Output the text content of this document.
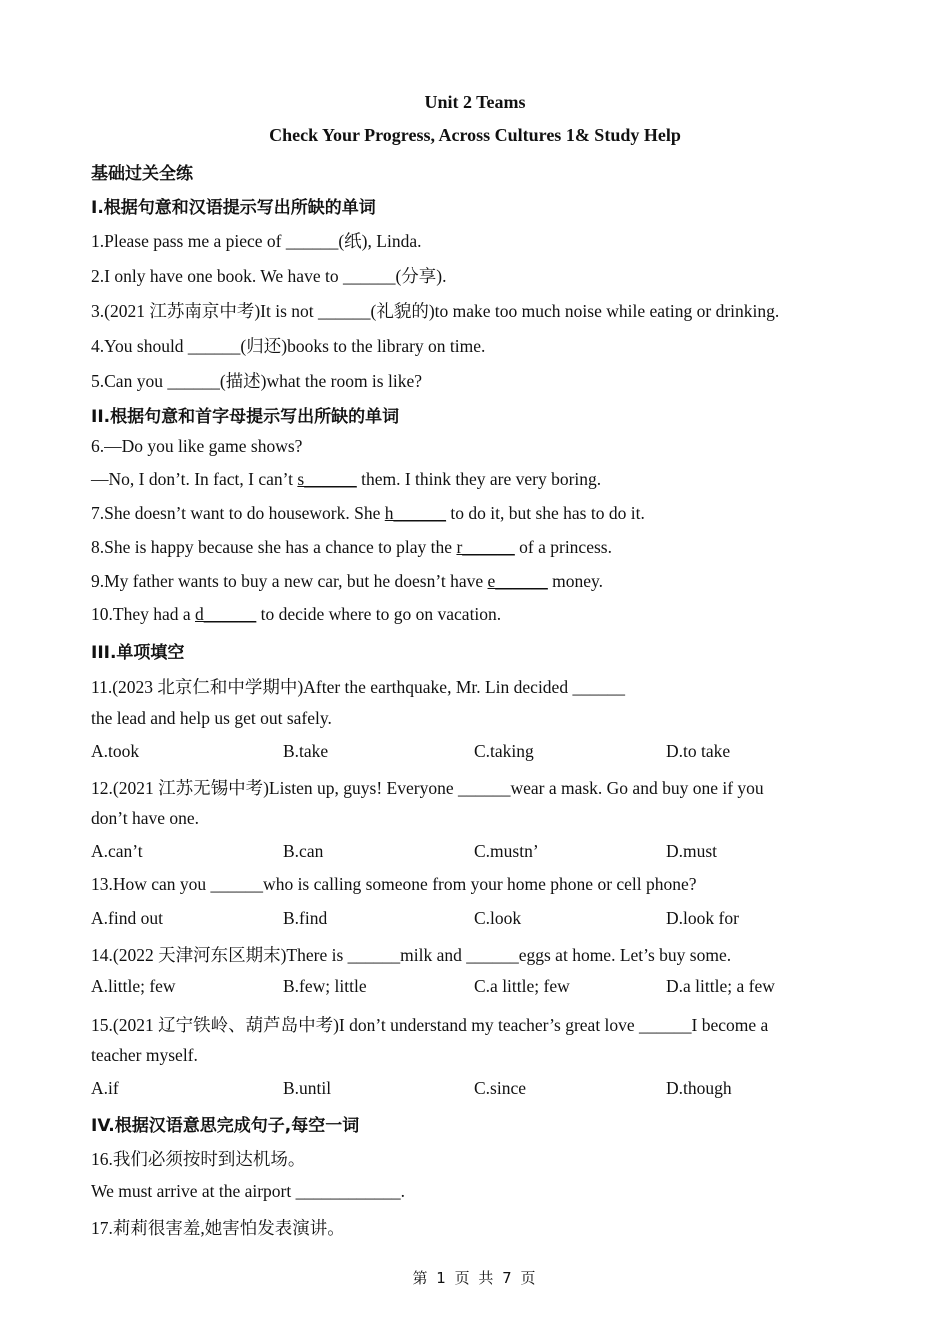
Unit 2 Teams
Check Your Progress, Across Cultures 1& Study Help
基础过关全练
I.根据句意和汉语提示写出所缺的单词
1.Please pass me a piece of ______(纸), Linda.
2.I only have one book. We have to ______(分享).
3.(2021 江苏南京中考)It is not ______(礼貌的)to make too much noise while eating or drinking.
4.You should ______(归还)books to the library on time.
5.Can you ______(描述)what the room is like?
II.根据句意和首字母提示写出所缺的单词
6.—Do you like game shows?
—No, I don’t. In fact, I can’t s______ them. I think they are very boring.
7.She doesn’t want to do housework. She h______ to do it, but she has to do it.
8.She is happy because she has a chance to play the r______ of a princess.
9.My father wants to buy a new car, but he doesn’t have e______ money.
10.They had a d______ to decide where to go on vacation.
III.单项填空
11.(2023 北京仁和中学期中)After the earthquake, Mr. Lin decided ______
the lead and help us get out safely.
A.took	B.take	C.taking	D.to take
12.(2021 江苏无锡中考)Listen up, guys! Everyone ______wear a mask. Go and buy one if you
don’t have one.
A.can’t	B.can	C.mustn’	D.must
13.How can you ______who is calling someone from your home phone or cell phone?
A.find out	B.find	C.look	D.look for
14.(2022 天津河东区期末)There is ______milk and ______eggs at home. Let’s buy some.
A.little; few	B.few; little	C.a little; few	D.a little; a few
15.(2021 辽宁铁岭、葫芦岛中考)I don’t understand my teacher’s great love ______I become a
teacher myself.
A.if	B.until	C.since	D.though
IV.根据汉语意思完成句子,每空一词
16.我们必须按时到达机场。
We must arrive at the airport ____________.
17.莉莉很害羞,她害怕发表演讲。
第 1 页 共 7 页
